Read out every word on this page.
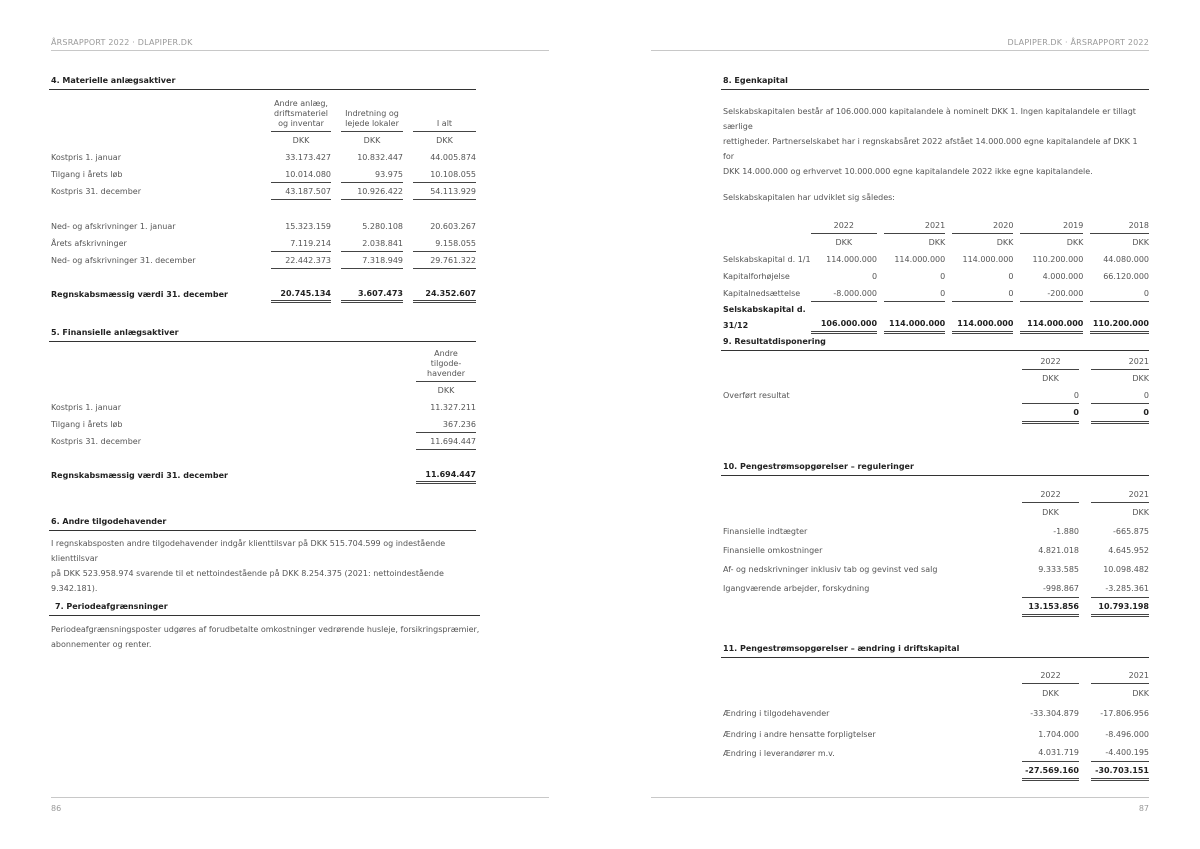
ÅRSRAPPORT 2022 · DLAPIPER.DK	DLAPIPER.DK · ÅRSRAPPORT 2022
86	87
4. Materielle anlægsaktiver
	Andre anlæg,
driftsmateriel
og inventar		Indretning og
lejede lokaler		I alt
	DKK		DKK		DKK
Kostpris 1. januar	33.173.427		10.832.447		44.005.874
Tilgang i årets løb	10.014.080		93.975		10.108.055
Kostpris 31. december	43.187.507		10.926.422		54.113.929

Ned- og afskrivninger 1. januar	15.323.159		5.280.108		20.603.267
Årets afskrivninger	7.119.214		2.038.841		9.158.055
Ned- og afskrivninger 31. december	22.442.373		7.318.949		29.761.322

Regnskabsmæssig værdi 31. december	20.745.134		3.607.473		24.352.607
5. Finansielle anlægsaktiver
	Andre
tilgode-
havender
	DKK
Kostpris 1. januar	11.327.211
Tilgang i årets løb	367.236
Kostpris 31. december	11.694.447

Regnskabsmæssig værdi 31. december	11.694.447
6. Andre tilgodehavender
I regnskabsposten andre tilgodehavender indgår klienttilsvar på DKK 515.704.599 og indestående klienttilsvar
på DKK 523.958.974 svarende til et nettoindestående på DKK 8.254.375 (2021: nettoindestående 9.342.181).
7. Periodeafgrænsninger
Periodeafgrænsningsposter udgøres af forudbetalte omkostninger vedrørende husleje, forsikringspræmier,
abonnementer og renter.
8. Egenkapital
Selskabskapitalen består af 106.000.000 kapitalandele à nominelt DKK 1. Ingen kapitalandele er tillagt særlige
rettigheder. Partnerselskabet har i regnskabsåret 2022 afstået 14.000.000 egne kapitalandele af DKK 1 for
DKK 14.000.000 og erhvervet 10.000.000 egne kapitalandele 2022 ikke egne kapitalandele.
Selskabskapitalen har udviklet sig således:
	2022		2021		2020		2019		2018
	DKK		DKK		DKK		DKK		DKK
Selskabskapital d. 1/1	114.000.000		114.000.000		114.000.000		110.200.000		44.080.000
Kapitalforhøjelse	0		0		0		4.000.000		66.120.000
Kapitalnedsættelse	-8.000.000		0		0		-200.000		0
Selskabskapital d.
31/12	106.000.000		114.000.000		114.000.000		114.000.000		110.200.000
9. Resultatdisponering
	2022		2021
	DKK		DKK
Overført resultat	0		0
	0		0
10. Pengestrømsopgørelser – reguleringer
	2022		2021
	DKK		DKK
Finansielle indtægter	-1.880		-665.875
Finansielle omkostninger	4.821.018		4.645.952
Af- og nedskrivninger inklusiv tab og gevinst ved salg	9.333.585		10.098.482
Igangværende arbejder, forskydning	-998.867		-3.285.361
	13.153.856		10.793.198
11. Pengestrømsopgørelser – ændring i driftskapital
	2022		2021
	DKK		DKK
Ændring i tilgodehavender	-33.304.879		-17.806.956
Ændring i andre hensatte forpligtelser	1.704.000		-8.496.000
Ændring i leverandører m.v.	4.031.719		-4.400.195
	-27.569.160		-30.703.151
